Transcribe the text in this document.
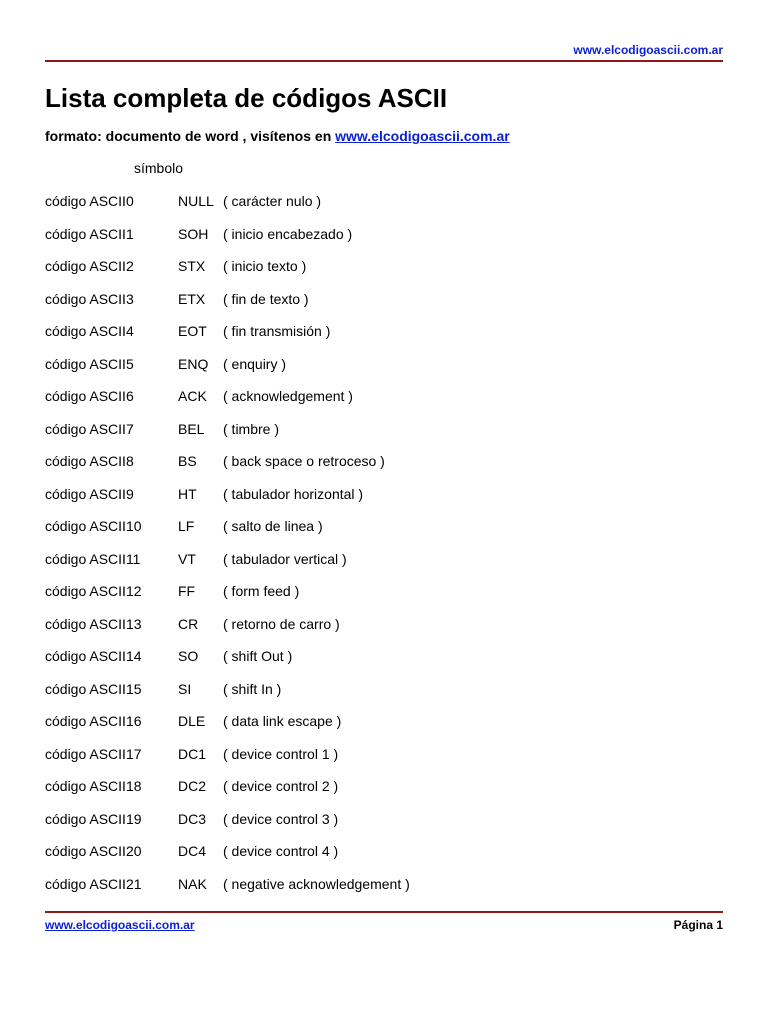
www.elcodigoascii.com.ar
Lista completa de códigos ASCII
formato: documento de word , visítenos en www.elcodigoascii.com.ar
símbolo
código ASCII0	NULL ( carácter nulo )
código ASCII1	SOH ( inicio encabezado )
código ASCII2	STX ( inicio texto )
código ASCII3	ETX ( fin de texto )
código ASCII4	EOT ( fin transmisión )
código ASCII5	ENQ ( enquiry )
código ASCII6	ACK ( acknowledgement )
código ASCII7	BEL ( timbre )
código ASCII8	BS ( back space o retroceso )
código ASCII9	HT ( tabulador horizontal )
código ASCII10	LF ( salto de linea )
código ASCII11	VT ( tabulador vertical )
código ASCII12	FF ( form feed )
código ASCII13	CR ( retorno de carro )
código ASCII14	SO ( shift Out )
código ASCII15	SI ( shift In )
código ASCII16	DLE ( data link escape )
código ASCII17	DC1 ( device control 1 )
código ASCII18	DC2 ( device control 2 )
código ASCII19	DC3 ( device control 3 )
código ASCII20	DC4 ( device control 4 )
código ASCII21	NAK ( negative acknowledgement )
www.elcodigoascii.com.ar	Página 1
